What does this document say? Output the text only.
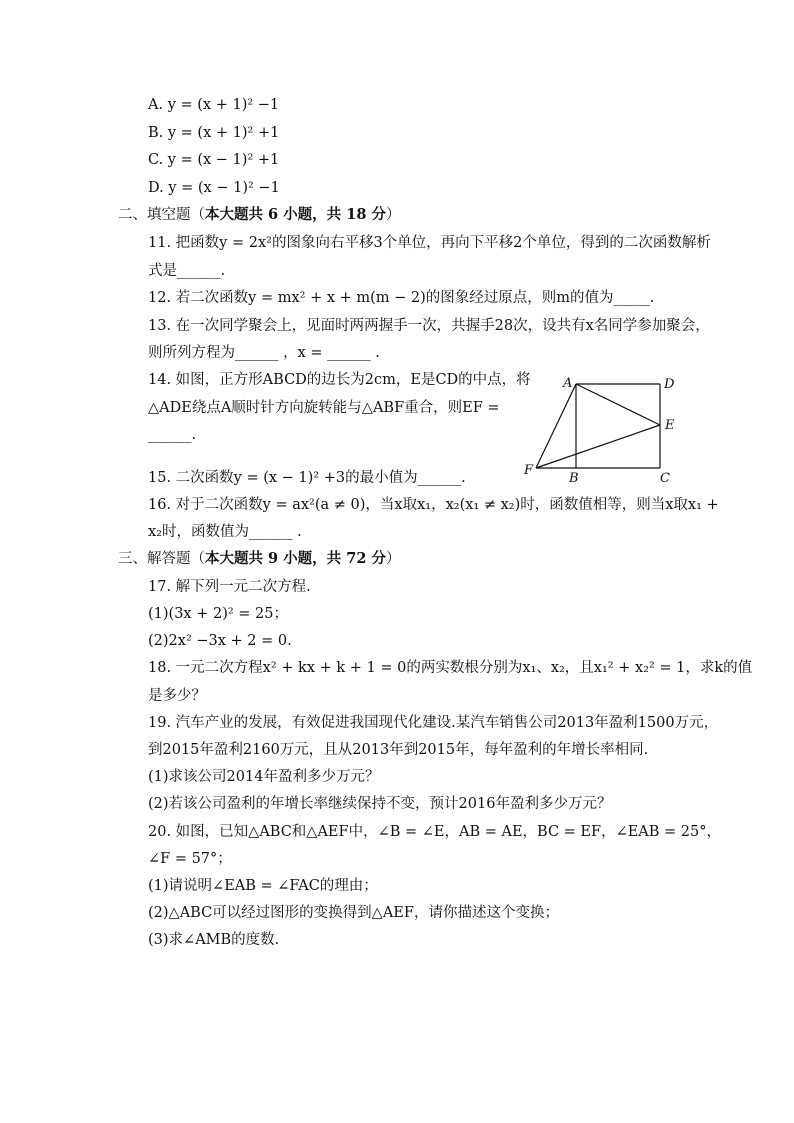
A. y = (x + 1)² −1
B. y = (x + 1)² +1
C. y = (x − 1)² +1
D. y = (x − 1)² −1
二、填空题（本大题共 6 小题，共 18 分）
11. 把函数y = 2x²的图象向右平移3个单位，再向下平移2个单位，得到的二次函数解析
式是______.
12. 若二次函数y = mx² + x + m(m − 2)的图象经过原点，则m的值为_____.
13. 在一次同学聚会上，见面时两两握手一次，共握手28次，设共有x名同学参加聚会，
则所列方程为______ ，x = ______ .
14. 如图，正方形ABCD的边长为2cm，E是CD的中点，将
△ADE绕点A顺时针方向旋转能与△ABF重合，则EF =
______.
A	D
E
C
B
F
15. 二次函数y = (x − 1)² +3的最小值为______.
16. 对于二次函数y = ax²(a ≠ 0)，当x取x₁，x₂(x₁ ≠ x₂)时，函数值相等，则当x取x₁ +
x₂时，函数值为______ .
三、解答题（本大题共 9 小题，共 72 分）
17. 解下列一元二次方程.
(1)(3x + 2)² = 25；
(2)2x² −3x + 2 = 0.
18. 一元二次方程x² + kx + k + 1 = 0的两实数根分别为x₁、x₂，且x₁² + x₂² = 1，求k的值
是多少？
19. 汽车产业的发展，有效促进我国现代化建设.某汽车销售公司2013年盈利1500万元，
到2015年盈利2160万元，且从2013年到2015年，每年盈利的年增长率相同.
(1)求该公司2014年盈利多少万元？
(2)若该公司盈利的年增长率继续保持不变，预计2016年盈利多少万元？
20. 如图，已知△ABC和△AEF中，∠B = ∠E，AB = AE，BC = EF，∠EAB = 25°，
∠F = 57°；
(1)请说明∠EAB = ∠FAC的理由；
(2)△ABC可以经过图形的变换得到△AEF，请你描述这个变换；
(3)求∠AMB的度数.
